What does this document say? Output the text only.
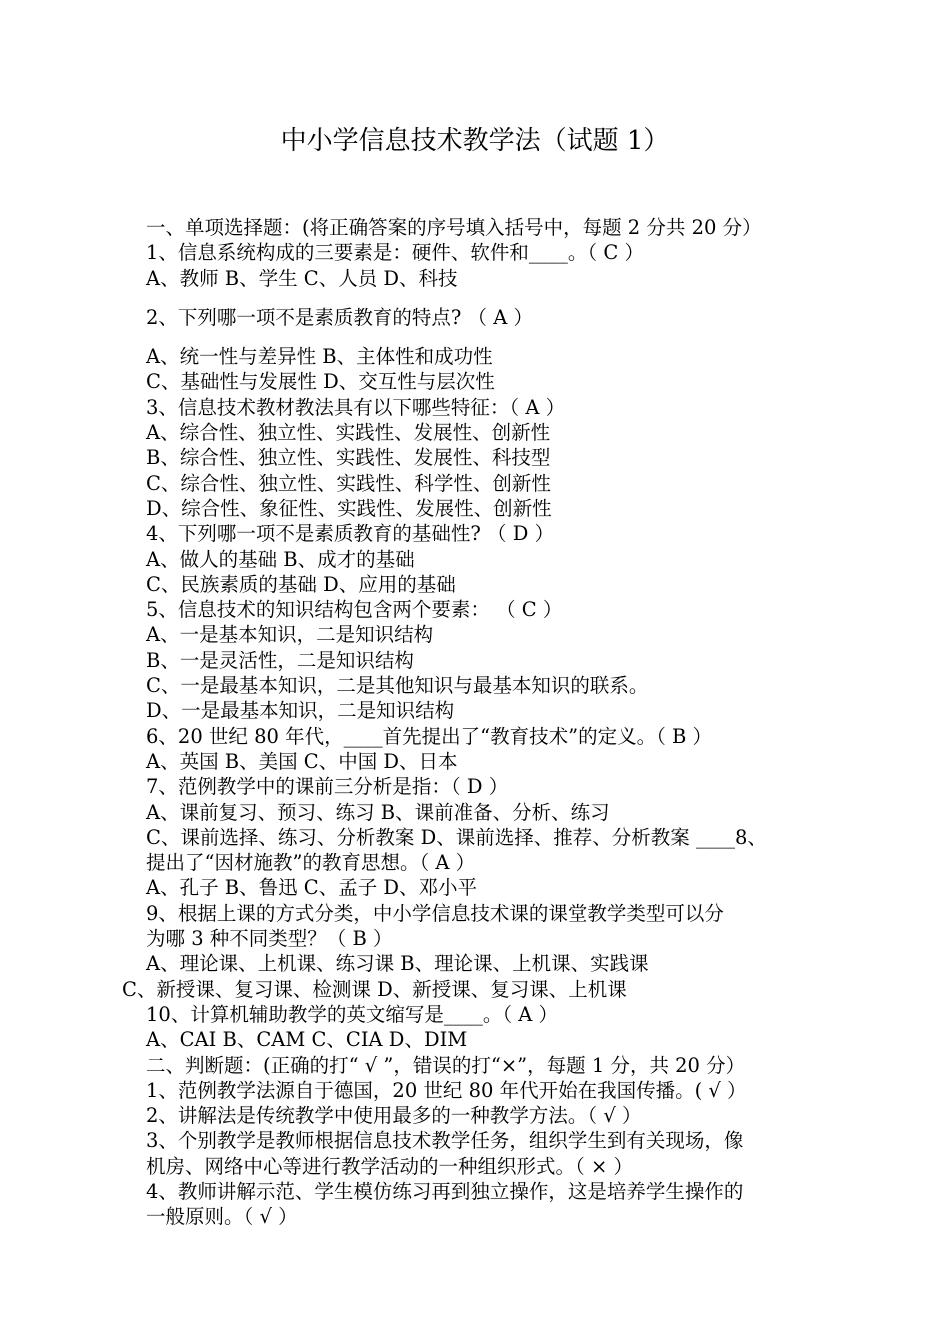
中小学信息技术教学法（试题 1）
一、单项选择题：(将正确答案的序号填入括号中，每题 2 分共 20 分）
1、信息系统构成的三要素是：硬件、软件和____。（ C ）
A、教师 B、学生 C、人员 D、科技
2、下列哪一项不是素质教育的特点? （ A ）
A、统一性与差异性 B、主体性和成功性
C、基础性与发展性 D、交互性与层次性
3、信息技术教材教法具有以下哪些特征：（ A ）
A、综合性、独立性、实践性、发展性、创新性
B、综合性、独立性、实践性、发展性、科技型
C、综合性、独立性、实践性、科学性、创新性
D、综合性、象征性、实践性、发展性、创新性
4、下列哪一项不是素质教育的基础性? （ D ）
A、做人的基础 B、成才的基础
C、民族素质的基础 D、应用的基础
5、信息技术的知识结构包含两个要素： （ C ）
A、一是基本知识，二是知识结构
B、一是灵活性，二是知识结构
C、一是最基本知识，二是其他知识与最基本知识的联系。
D、一是最基本知识，二是知识结构
6、20 世纪 80 年代，____首先提出了“教育技术”的定义。（ B ）
A、英国 B、美国 C、中国 D、日本
7、范例教学中的课前三分析是指：（ D ）
A、课前复习、预习、练习 B、课前准备、分析、练习
C、课前选择、练习、分析教案 D、课前选择、推荐、分析教案 ____8、
提出了“因材施教”的教育思想。（ A ）
A、孔子 B、鲁迅 C、孟子 D、邓小平
9、根据上课的方式分类，中小学信息技术课的课堂教学类型可以分
为哪 3 种不同类型？（ B ）
A、理论课、上机课、练习课 B、理论课、上机课、实践课
C、新授课、复习课、检测课 D、新授课、复习课、上机课
10、计算机辅助教学的英文缩写是____。（ A ）
A、CAI B、CAM C、CIA D、DIM
二、判断题：(正确的打“ √ ”，错误的打“×”，每题 1 分，共 20 分）
1、范例教学法源自于德国，20 世纪 80 年代开始在我国传播。( √ ）
2、讲解法是传统教学中使用最多的一种教学方法。（ √ ）
3、个别教学是教师根据信息技术教学任务，组织学生到有关现场，像
机房、网络中心等进行教学活动的一种组织形式。（ × ）
4、教师讲解示范、学生模仿练习再到独立操作，这是培养学生操作的
一般原则。（ √ ）
